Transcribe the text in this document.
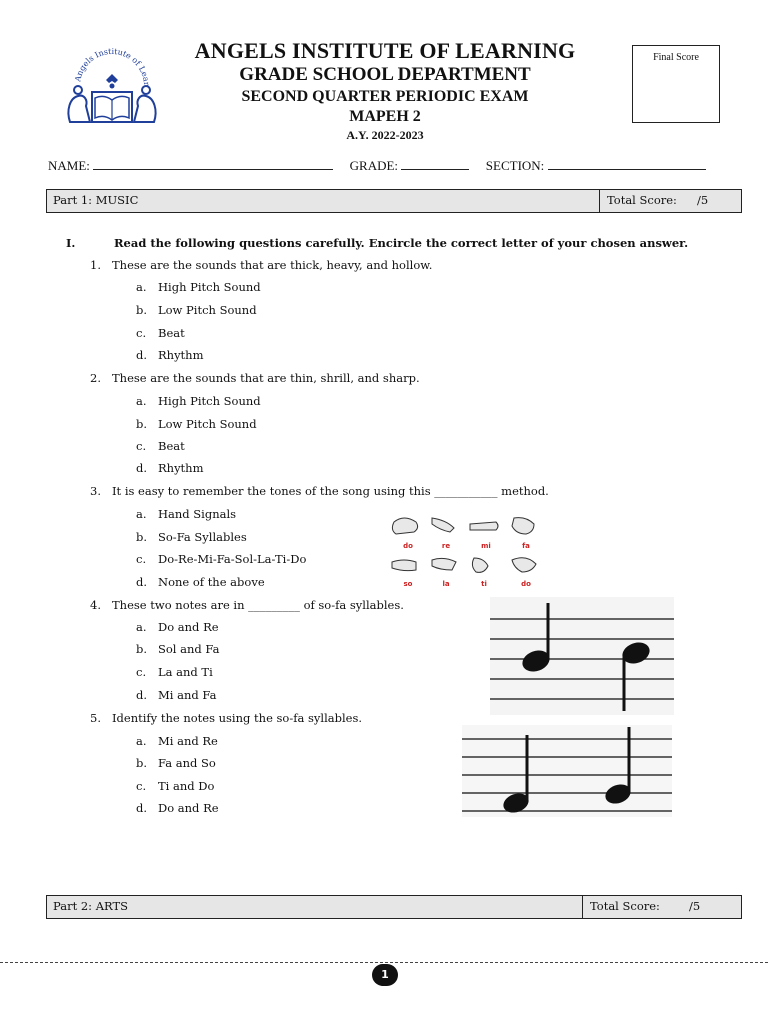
Angels Institute of Lear
ANGELS INSTITUTE OF LEARNING
GRADE SCHOOL DEPARTMENT
SECOND QUARTER PERIODIC EXAM
MAPEH 2
A.Y. 2022-2023
Final Score
NAME:	GRADE:	SECTION:
Part 1: MUSIC	Total Score: /5
I.	Read the following questions carefully. Encircle the correct letter of your chosen answer.
1. These are the sounds that are thick, heavy, and hollow.
a. High Pitch Sound
b. Low Pitch Sound
c. Beat
d. Rhythm
2. These are the sounds that are thin, shrill, and sharp.
a. High Pitch Sound
b. Low Pitch Sound
c. Beat
d. Rhythm
3. It is easy to remember the tones of the song using this ___________ method.
a. Hand Signals
b. So-Fa Syllables
c. Do-Re-Mi-Fa-Sol-La-Ti-Do
d. None of the above
do	re	mi	fa
so	la	ti	do
4. These two notes are in _________ of so-fa syllables.
a. Do and Re
b. Sol and Fa
c. La and Ti
d. Mi and Fa
5. Identify the notes using the so-fa syllables.
a. Mi and Re
b. Fa and So
c. Ti and Do
d. Do and Re
Part 2: ARTS	Total Score:	/5
1
